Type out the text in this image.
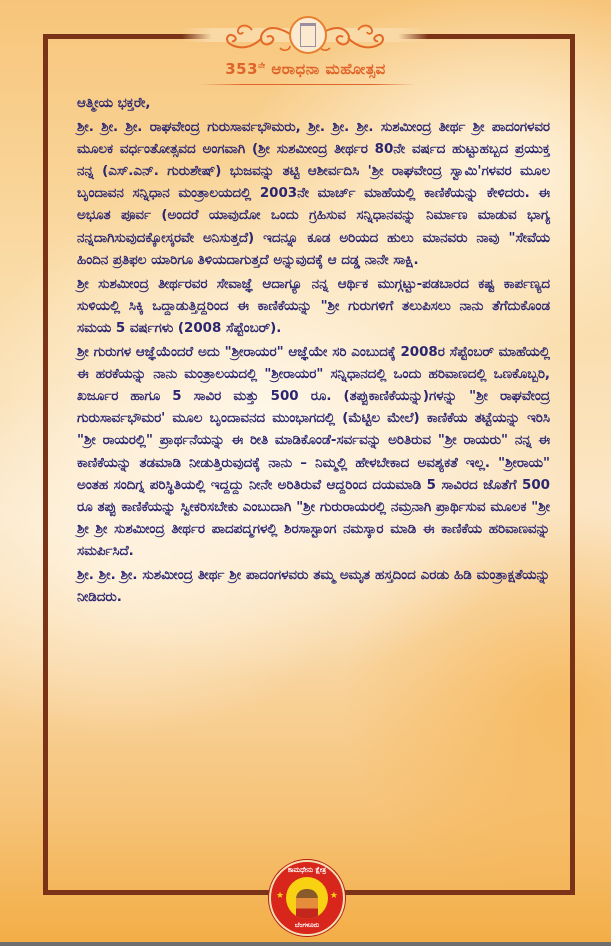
$353^{ನೇ}$ ಆರಾಧನಾ ಮಹೋತ್ಸವ

ಆತ್ಮೀಯ ಭಕ್ತರೇ,

ಶ್ರೀ. ಶ್ರೀ. ಶ್ರೀ. ರಾಘವೇಂದ್ರ ಗುರುಸಾರ್ವಭೌಮರು, ಶ್ರೀ. ಶ್ರೀ. ಶ್ರೀ. ಸುಶಮೀಂದ್ರ ತೀರ್ಥ ಶ್ರೀ ಪಾದಂಗಳವರ ಮೂಲಕ ವರ್ಧಂತೋತ್ಸವದ ಅಂಗವಾಗಿ (ಶ್ರೀ ಸುಶಮೀಂದ್ರ ತೀರ್ಥರ 80ನೇ ವರ್ಷದ ಹುಟ್ಟುಹಬ್ಬದ ಪ್ರಯುಕ್ತ ನನ್ನ (ಎಸ್.ಎನ್. ಗುರುಶೇಷ್) ಭುಜವನ್ನು ತಟ್ಟಿ ಆಶೀರ್ವದಿಸಿ 'ಶ್ರೀ ರಾಘವೇಂದ್ರ ಸ್ವಾಮಿ'ಗಳವರ ಮೂಲ ಬೃಂದಾವನ ಸನ್ನಿಧಾನ ಮಂತ್ರಾಲಯದಲ್ಲಿ 2003ನೇ ಮಾರ್ಚ್ ಮಾಹೆಯಲ್ಲಿ ಕಾಣಿಕೆಯನ್ನು ಕೇಳಿದರು. ಈ ಅಭೂತ ಪೂರ್ವ (ಅಂದರೆ ಯಾವುದೋ ಒಂದು ಗ್ರಹಿಸುವ ಸನ್ನಿಧಾನವನ್ನು ನಿರ್ಮಾಣ ಮಾಡುವ ಭಾಗ್ಯ ನನ್ನದಾಗಿಸುವುದಕ್ಕೋಸ್ಕರವೇ ಅನಿಸುತ್ತದೆ) ಇದನ್ನೂ ಕೂಡ ಅರಿಯದ ಹುಲು ಮಾನವರು ನಾವು "ಸೇವೆಯ ಹಿಂದಿನ ಪ್ರತಿಫಲ ಯಾರಿಗೂ ತಿಳಿಯದಾಗುತ್ತದೆ ಅನ್ನುವುದಕ್ಕೆ ಆ ದಡ್ಡ ನಾನೇ ಸಾಕ್ಷಿ.

ಶ್ರೀ ಸುಶಮೀಂದ್ರ ತೀರ್ಥರವರ ಸೇವಾಜ್ಞೆ ಆದಾಗ್ಯೂ ನನ್ನ ಆರ್ಥಿಕ ಮುಗ್ಗಟ್ಟು-ಪಡಬಾರದ ಕಷ್ಟ ಕಾರ್ಪಣ್ಯದ ಸುಳಿಯಲ್ಲಿ ಸಿಕ್ಕಿ ಒದ್ದಾಡುತ್ತಿದ್ದರಿಂದ ಈ ಕಾಣಿಕೆಯನ್ನು "ಶ್ರೀ ಗುರುಗಳಿಗೆ ತಲುಪಿಸಲು ನಾನು ತೆಗೆದುಕೊಂಡ ಸಮಯ 5 ವರ್ಷಗಳು (2008 ಸೆಪ್ಟೆಂಬರ್).

ಶ್ರೀ ಗುರುಗಳ ಆಜ್ಞೆಯೆಂದರೆ ಅದು "ಶ್ರೀರಾಯರ" ಆಜ್ಞೆಯೇ ಸರಿ ಎಂಬುದಕ್ಕೆ 2008ರ ಸೆಪ್ಟೆಂಬರ್ ಮಾಹೆಯಲ್ಲಿ ಈ ಹರಕೆಯನ್ನು ನಾನು ಮಂತ್ರಾಲಯದಲ್ಲಿ "ಶ್ರೀರಾಯರ" ಸನ್ನಿಧಾನದಲ್ಲಿ ಒಂದು ಹರಿವಾಣದಲ್ಲಿ ಒಣಕೊಬ್ಬರಿ, ಖರ್ಜೂರ ಹಾಗೂ 5 ಸಾವಿರ ಮತ್ತು 500 ರೂ. (ತಪ್ಪುಕಾಣಿಕೆಯನ್ನು)ಗಳನ್ನು "ಶ್ರೀ ರಾಘವೇಂದ್ರ ಗುರುಸಾರ್ವಭೌಮರ' ಮೂಲ ಬೃಂದಾವನದ ಮುಂಭಾಗದಲ್ಲಿ (ಮೆಟ್ಟಿಲ ಮೇಲೆ) ಕಾಣಿಕೆಯ ತಟ್ಟೆಯನ್ನು ಇರಿಸಿ "ಶ್ರೀ ರಾಯರಲ್ಲಿ" ಪ್ರಾರ್ಥನೆಯನ್ನು ಈ ರೀತಿ ಮಾಡಿಕೊಂಡೆ-ಸರ್ವವನ್ನು ಅರಿತಿರುವ "ಶ್ರೀ ರಾಯರು" ನನ್ನ ಈ ಕಾಣಿಕೆಯನ್ನು ತಡಮಾಡಿ ನೀಡುತ್ತಿರುವುದಕ್ಕೆ ನಾನು – ನಿಮ್ಮಲ್ಲಿ ಹೇಳಬೇಕಾದ ಅವಶ್ಯಕತೆ ಇಲ್ಲ. "ಶ್ರೀರಾಯ" ಅಂತಹ ಸಂದಿಗ್ನ ಪರಿಸ್ಥಿತಿಯಲ್ಲಿ ಇದ್ದದ್ದು ನೀನೇ ಅರಿತಿರುವೆ ಆದ್ದರಿಂದ ದಯಮಾಡಿ 5 ಸಾವಿರದ ಜೊತೆಗೆ 500 ರೂ ತಪ್ಪು ಕಾಣಿಕೆಯನ್ನು ಸ್ವೀಕರಿಸಬೇಕು ಎಂಬುದಾಗಿ "ಶ್ರೀ ಗುರುರಾಯರಲ್ಲಿ ನಮ್ರನಾಗಿ ಪ್ರಾರ್ಥಿಸುವ ಮೂಲಕ "ಶ್ರೀ ಶ್ರೀ ಶ್ರೀ ಸುಶಮೀಂದ್ರ ತೀರ್ಥರ ಪಾದಪದ್ಮಗಳಲ್ಲಿ ಶಿರಸಾಸ್ಟಾಂಗ ನಮಸ್ಕಾರ ಮಾಡಿ ಈ ಕಾಣಿಕೆಯ ಹರಿವಾಣವನ್ನು ಸಮರ್ಪಿಸಿದೆ.

ಶ್ರೀ. ಶ್ರೀ. ಶ್ರೀ. ಸುಶಮೀಂದ್ರ ತೀರ್ಥ ಶ್ರೀ ಪಾದಂಗಳವರು ತಮ್ಮ ಅಮೃತ ಹಸ್ತದಿಂದ ಎರಡು ಹಿಡಿ ಮಂತ್ರಾಕ್ಷತೆಯನ್ನು ನೀಡಿದರು.

ಕಾಮಧೇನು ಕ್ಷೇತ್ರ
★	★
ಬೆಂಗಳೂರು
